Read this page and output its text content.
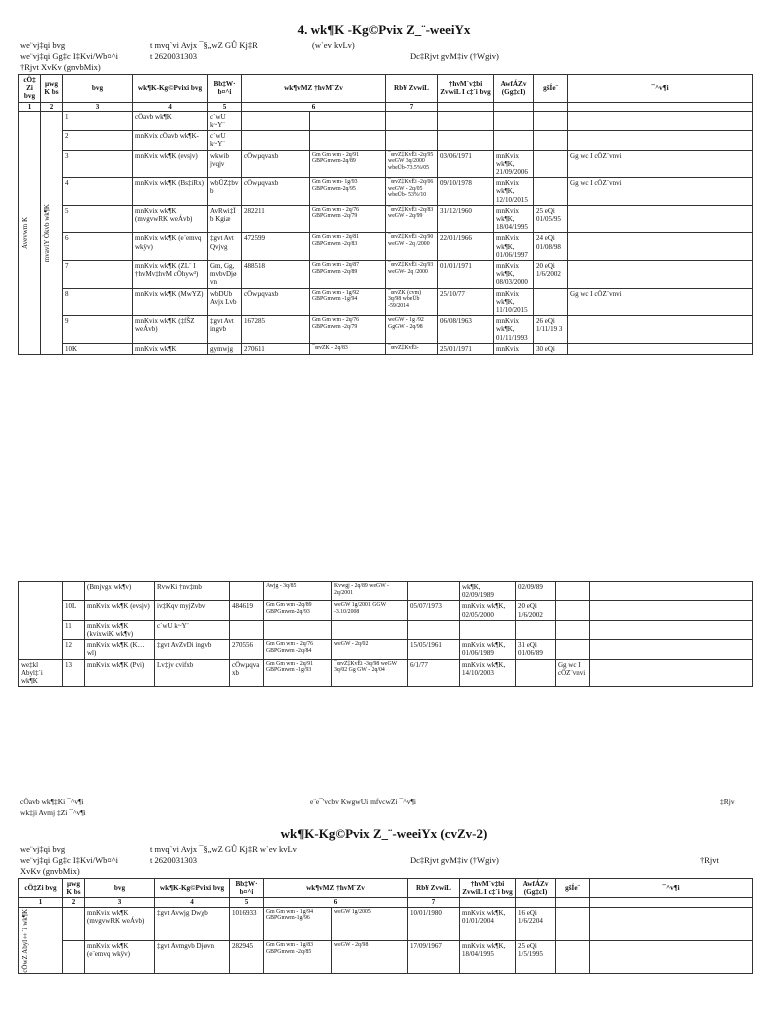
4. wk¶K -Kg©Pvix Z_¨-weeiYx
we¨vj‡qi bvg	t mvq`vi Avjx ¯§„wZ GÛ Kj‡R	(w`ev kvLv)
we¨vj‡qi Gg‡c I‡Kvi/Wb¤^i	t 2620031303	Dc‡Rjvt gvM‡iv (†Wgiv)
†Rjvt XvKv (gnvbMix)
cÖ‡Zi bvg	µwgK bs	bvg	wk¶K-Kg©Pvixi bvg	Bb‡W· b¤^i	wk¶vMZ †hvM¨Zv		Rb¥ ZvwiL	†hvM`v‡bi ZvwiL I c‡`i bvg	AwfÁZv (Gg‡cI)	gšÍe¨	¯^v¶i	
1	2	3	4	5	6		7					

Avevwm K	mvaviY Òkvb wk¶K	1	cÖavb wk¶K	c`wU k~Y¨								
		2	mnKvix cÖavb wk¶K-	c`wU k~Y¨								
		3	mnKvix wk¶K (evsjv)	wkwib jvqjv	cÖwµqvaxb	Gm Gm wm - 2q/91 GBPGmwm-2q/89	¯œvZ‡KvËi -2q/95 weGW 3q/2000 wbeÜb-73.5%/05	03/06/1971	mnKvix wk¶K, 21/09/2006		Gg wc I cÖZ¨vnvi	
		4	mnKvix wk¶K (Bs‡iRx)	wbÜZ‡bvb	cÖwµqvaxb	Gm Gm wm- 1g/93 GBPGmwm-2q/95	¯œvZ‡KvËi -2q/06 weGW - 2q/05 wbeÜb- 53%/10	09/10/1978	mnKvix wk¶K, 12/10/2015		Gg wc I cÖZ¨vnvi	
		5	mnKvix wk¶K (mvgvwRK weÁvb)	AvRwi‡Ïb Kgiæ	282211	Gm Gm wm - 2q/76 GBPGmwm -2q/79	¯œvZ‡KvËi -2q/83 weGW - 2q/99	31/12/1960	mnKvix wk¶K, 18/04/1995	25 eQi 01/05/95		
		6	mnKvix wk¶K (e¨emvq wkÿv)	‡gvt Avt Qvjvg	472599	Gm Gm wm - 2q/81 GBPGmwm -2q/83	¯œvZ‡KvËi -2q/90 weGW - 2q /2000	22/01/1966	mnKvix wk¶K, 01/06/1997	24 eQi 01/08/98		
		7	mnKvix wk¶K (ZL¨ I †hvMv‡hvM cÖhyw³)	Gm, Gg, mvbvDjøvn	488518	Gm Gm wm - 2q/87 GBPGmwm -2q/89	¯œvZ‡KvËi -2q/93 weGW- 2q /2000	01/01/1971	mnKvix wk¶K, 08/03/2000	20 eQi 1/6/2002		
		8	mnKvix wk¶K (MwYZ)	wbDUb Avjx Lvb	cÖwµqvaxb	Gm Gm wm - 1g/92 GBPGmwm -1g/94	¯œvZK (cvm) 3q/98 wbeÜb -59/2014	25/10/77	mnKvix wk¶K, 11/10/2015		Gg wc I cÖZ¨vnvi	
		9	mnKvix wk¶K (‡fŠZ weÁvb)	‡gvt Avt ingvb	167285	Gm Gm wm - 2q/76 GBPGmwm -2q/79	weGW - 1g /92 GgGW - 2q/98	06/08/1963	mnKvix wk¶K, 01/11/1993	26 eQi 1/11/19 3		
		10K	mnKvix wk¶K	gymwjg	270611	¯œvZK - 2q/83	¯œvZ‡KvËi-	25/01/1971	mnKvix	30 eQi		
		(Bmjvgx wk¶v)	RvwKi †nv‡mb		Awjg - 3q/85	Kvwgj - 2q/89 weGW - 2q/2001		wk¶K, 02/09/1989	02/09/89		
	10L	mnKvix wk¶K (evsjv)	iv‡Kqv myjZvbv	484619	Gm Gm wm -2q/89 GBPGmwm-2q/93	weGW 1g/2001 GGW -3.10/2008	05/07/1973	mnKvix wk¶K, 02/05/2000	20 eQi 1/6/2002		
	11	mnKvix wk¶K (kvixwiK wk¶v)	c`wU k~Y¨								
	12	mnKvix wk¶K (K…wl)	‡gvt AvZvDi ingvb	270556	Gm Gm wm - 2q/76 GBPGmwm -2q/84	weGW - 2q/02	15/05/1961	mnKvix wk¶K, 01/06/1989	31 eQi 01/06/89		

we‡kl Abyl‡`i wk¶K	13	mnKvix wk¶K (Pvi)	Lv‡jv cvifxb	cÖwµqvaxb	Gm Gm wm - 2q/91 GBPGmwm -1g/93	¯œvZ‡KvËi -3q/98 weGW 3q/02 Gg GW - 2q/04	6/1/77	mnKvix wk¶K, 14/10/2003		Gg wc I cÖZ¨vnvi	
cÖavb wk¶‡Ki ¯^v¶i
wk‡ji Avmj ‡Zi ¯^v¶i
e¨e¯'vcbv KwgwUi mfvcwZi ¯^v¶i	‡Rjv
wk¶K-Kg©Pvix Z_¨-weeiYx (cvZv-2)
we¨vj‡qi bvg	t mvq`vi Avjx ¯§„wZ GÛ Kj‡R w`ev kvLv
we¨vj‡qi Gg‡c I‡Kvi/Wb¤^i	t 2620031303	Dc‡Rjvt gvM‡iv (†Wgiv)	†Rjvt
XvKv (gnvbMix)
cÖ‡Zi bvg	µwgK bs	bvg	wk¶K-Kg©Pvixi bvg	Bb‡W· b¤^i	wk¶vMZ †hvM¨Zv		Rb¥ ZvwiL	†hvM`v‡bi ZvwiL I c‡`i bvg	AwfÁZv (Gg‡cI)	gšÍe¨	¯^v¶i
1	2	3	4	5	6		7				

cÖwZ Abyl‡`i wk¶K		mnKvix wk¶K (mvgvwRK weÁvb)	‡gvt Avwjg Dwχb	1016933	Gm Gm wm - 1g/94 GBPGmwm-1g/96	weGW 1g/2005	10/01/1980	mnKvix wk¶K, 01/01/2004	16 eQi 1/6/2204		
		mnKvix wk¶K (e¨emvq wkÿv)	‡gvt Avmgvb Djøvn	282945	Gm Gm wm - 1g/83 GBPGmwm -2q/85	weGW - 2q/98	17/09/1967	mnKvix wk¶K, 18/04/1995	25 eQi 1/5/1995		
